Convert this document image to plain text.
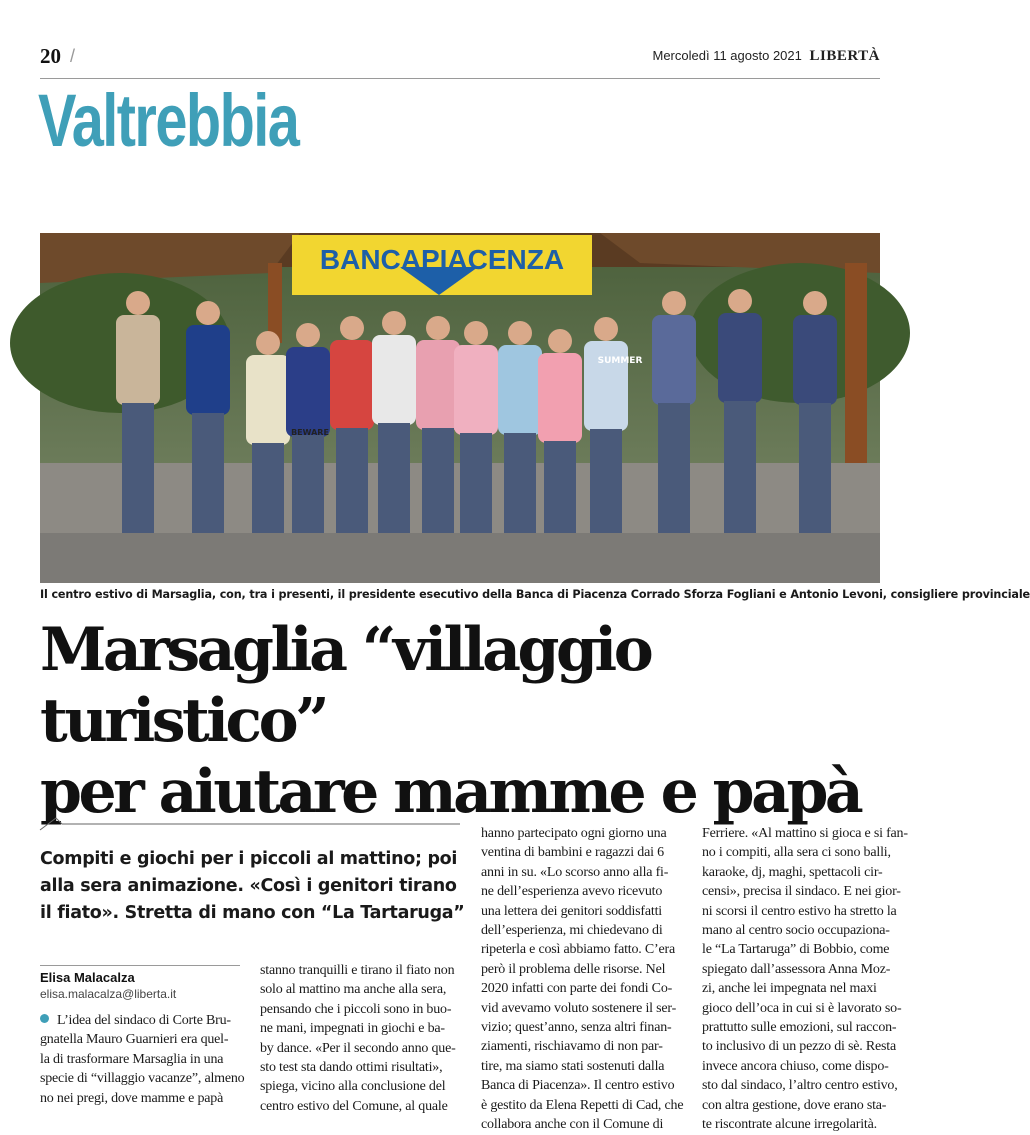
20 /	Mercoledì 11 agosto 2021 LIBERTÀ
Valtrebbia
BANCAPIACENZA
SUMMER
BEWARE
Il centro estivo di Marsaglia, con, tra i presenti, il presidente esecutivo della Banca di Piacenza Corrado Sforza Fogliani e Antonio Levoni, consigliere provinciale
Marsaglia “villaggio turistico”
per aiutare mamme e papà
Compiti e giochi per i piccoli al mattino; poi
alla sera animazione. «Così i genitori tirano
il fiato». Stretta di mano con “La Tartaruga”
Elisa Malacalza
elisa.malacalza@liberta.it
L’idea del sindaco di Corte Bru-
gnatella Mauro Guarnieri era quel-
la di trasformare Marsaglia in una
specie di “villaggio vacanze”, almeno
no nei pregi, dove mamme e papà
stanno tranquilli e tirano il fiato non
solo al mattino ma anche alla sera,
pensando che i piccoli sono in buo-
ne mani, impegnati in giochi e ba-
by dance. «Per il secondo anno que-
sto test sta dando ottimi risultati»,
spiega, vicino alla conclusione del
centro estivo del Comune, al quale
hanno partecipato ogni giorno una
ventina di bambini e ragazzi dai 6
anni in su. «Lo scorso anno alla fi-
ne dell’esperienza avevo ricevuto
una lettera dei genitori soddisfatti
dell’esperienza, mi chiedevano di
ripeterla e così abbiamo fatto. C’era
però il problema delle risorse. Nel
2020 infatti con parte dei fondi Co-
vid avevamo voluto sostenere il ser-
vizio; quest’anno, senza altri finan-
ziamenti, rischiavamo di non par-
tire, ma siamo stati sostenuti dalla
Banca di Piacenza». Il centro estivo
è gestito da Elena Repetti di Cad, che
collabora anche con il Comune di
Ferriere. «Al mattino si gioca e si fan-
no i compiti, alla sera ci sono balli,
karaoke, dj, maghi, spettacoli cir-
censi», precisa il sindaco. E nei gior-
ni scorsi il centro estivo ha stretto la
mano al centro socio occupaziona-
le “La Tartaruga” di Bobbio, come
spiegato dall’assessora Anna Moz-
zi, anche lei impegnata nel maxi
gioco dell’oca in cui si è lavorato so-
prattutto sulle emozioni, sul raccon-
to inclusivo di un pezzo di sè. Resta
invece ancora chiuso, come dispo-
sto dal sindaco, l’altro centro estivo,
con altra gestione, dove erano sta-
te riscontrate alcune irregolarità.
